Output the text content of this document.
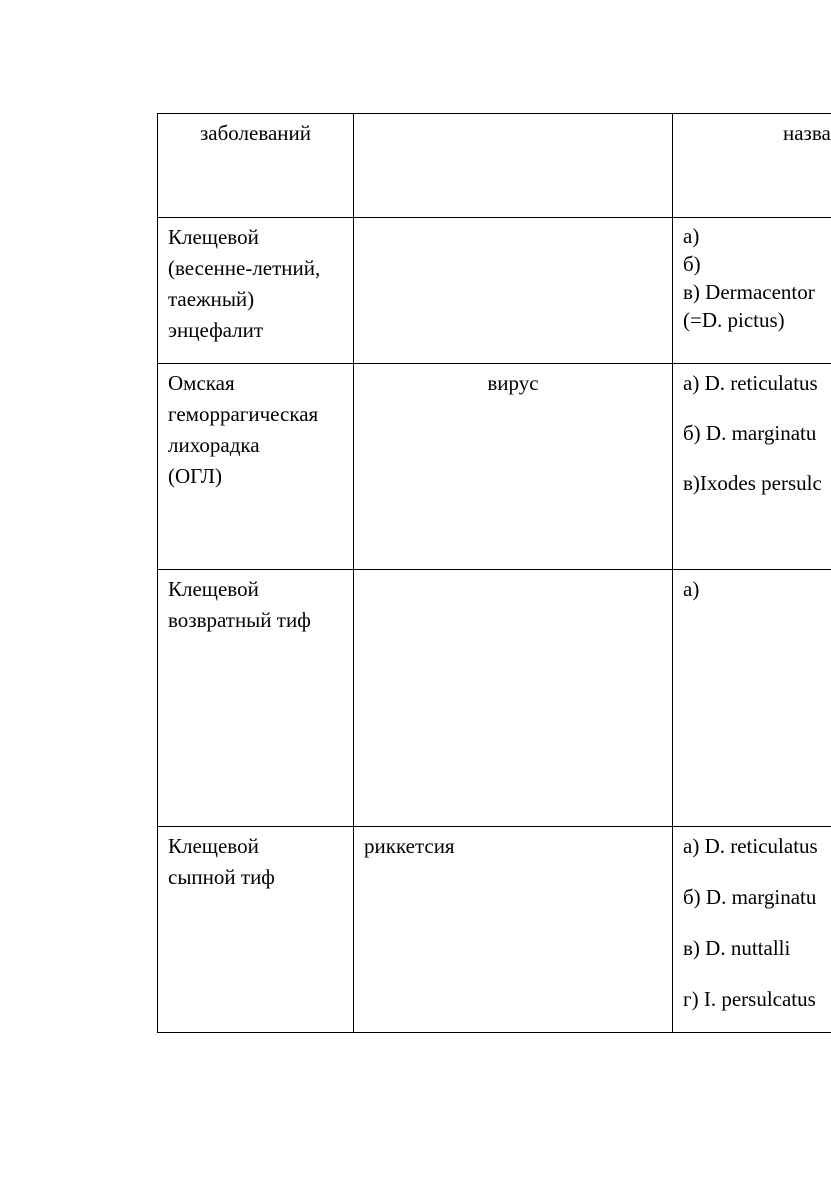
заболеваний		назва

Клещевой
(весенне-летний,
таежный)
энцефалит		а)
б)
в) Dermacentor
(=D. pictus)

Омская
геморрагическая
лихорадка
(ОГЛ)	вирус	а) D. reticulatus
б) D. marginatu
в)Ixodes persulc

Клещевой
возвратный тиф		а)

Клещевой
сыпной тиф	риккетсия	а) D. reticulatus
б) D. marginatu
в) D. nuttalli
г) I. persulcatus
